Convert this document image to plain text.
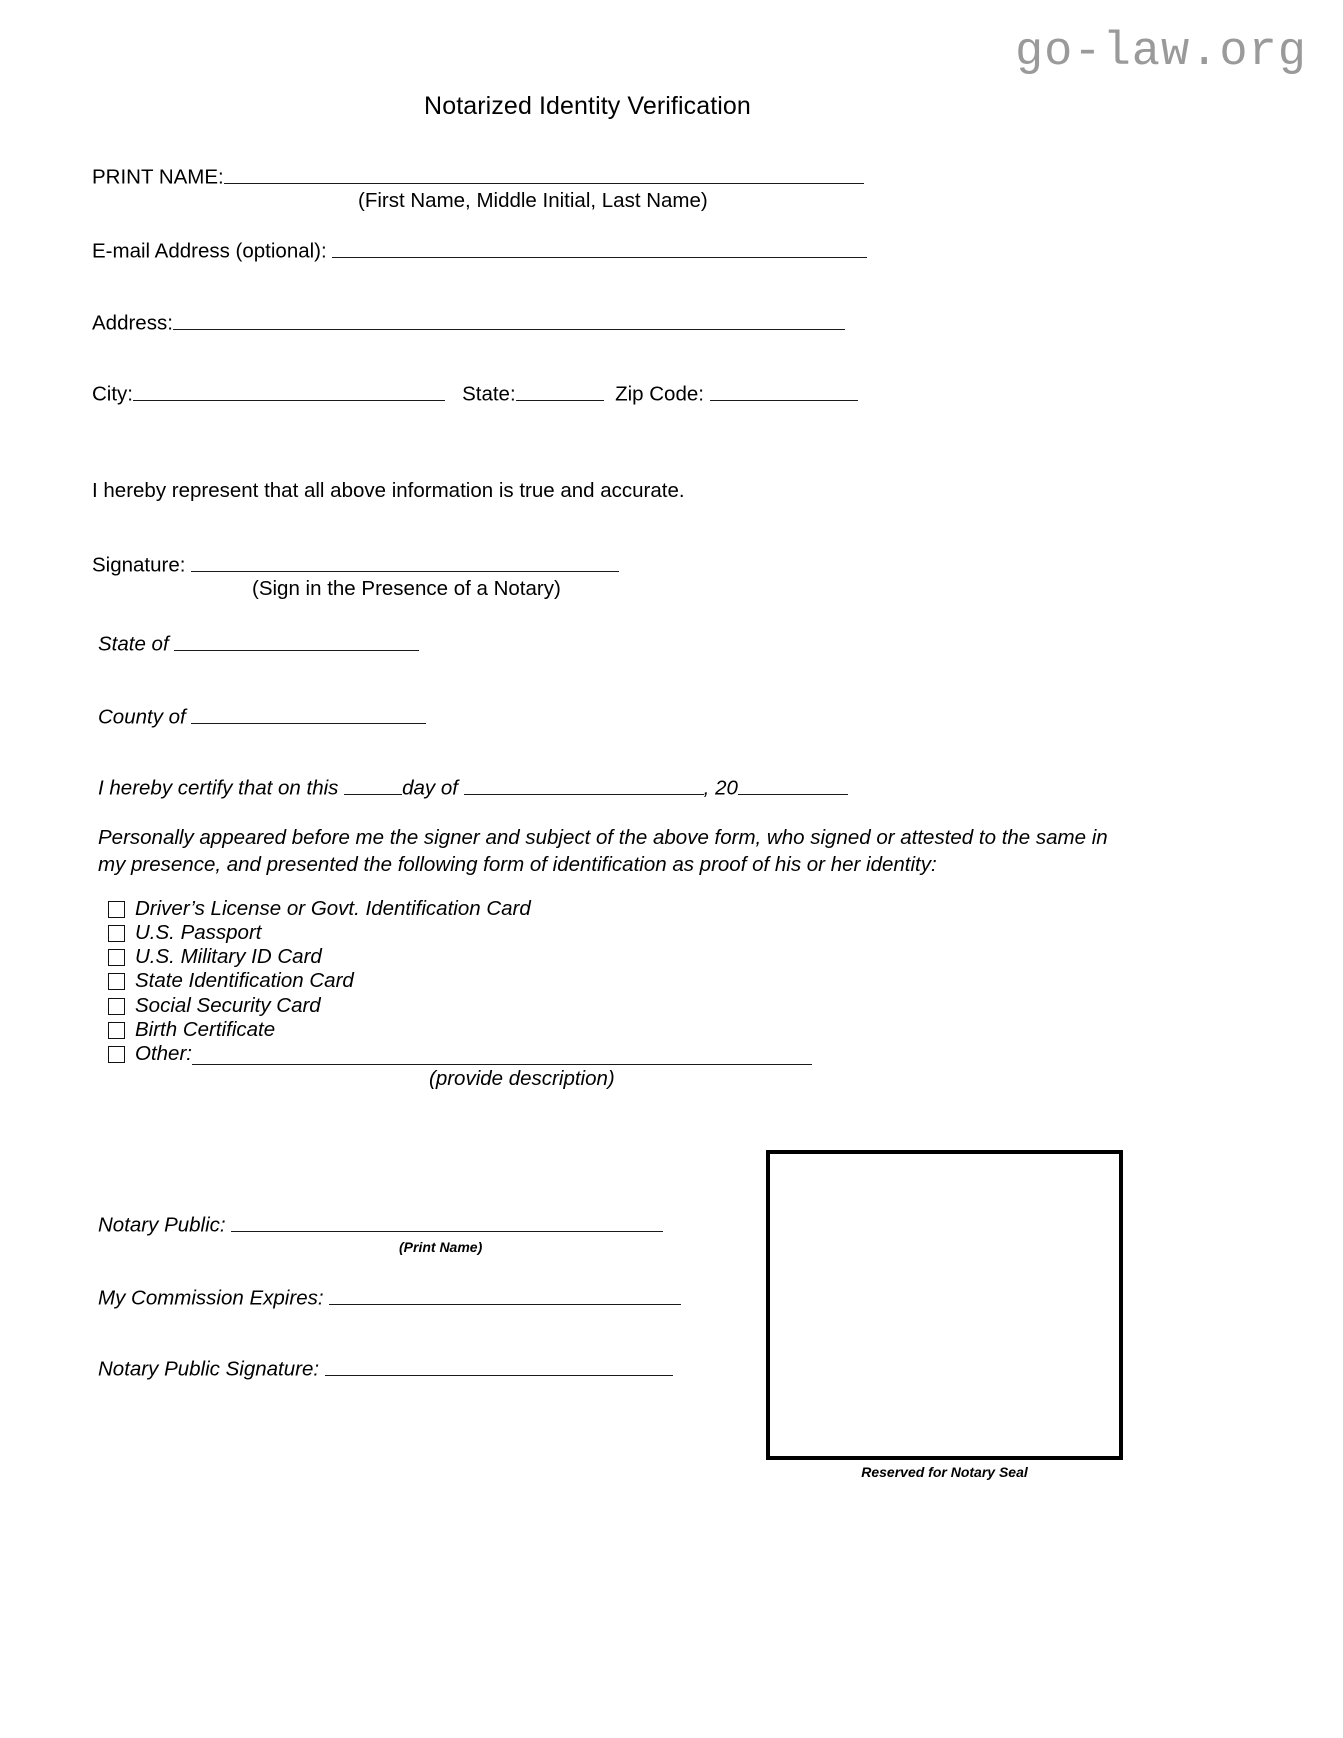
go-law.org
Notarized Identity Verification
PRINT NAME:
(First Name, Middle Initial, Last Name)
E-mail Address (optional):
Address:
City:	State:	Zip Code:
I hereby represent that all above information is true and accurate.
Signature:
(Sign in the Presence of a Notary)
State of
County of
I hereby certify that on this	day of	, 20
Personally appeared before me the signer and subject of the above form, who signed or attested to the same in
my presence, and presented the following form of identification as proof of his or her identity:
Driver’s License or Govt. Identification Card
U.S. Passport
U.S. Military ID Card
State Identification Card
Social Security Card
Birth Certificate
Other:
(provide description)
Reserved for Notary Seal
Notary Public:
(Print Name)
My Commission Expires:
Notary Public Signature:
